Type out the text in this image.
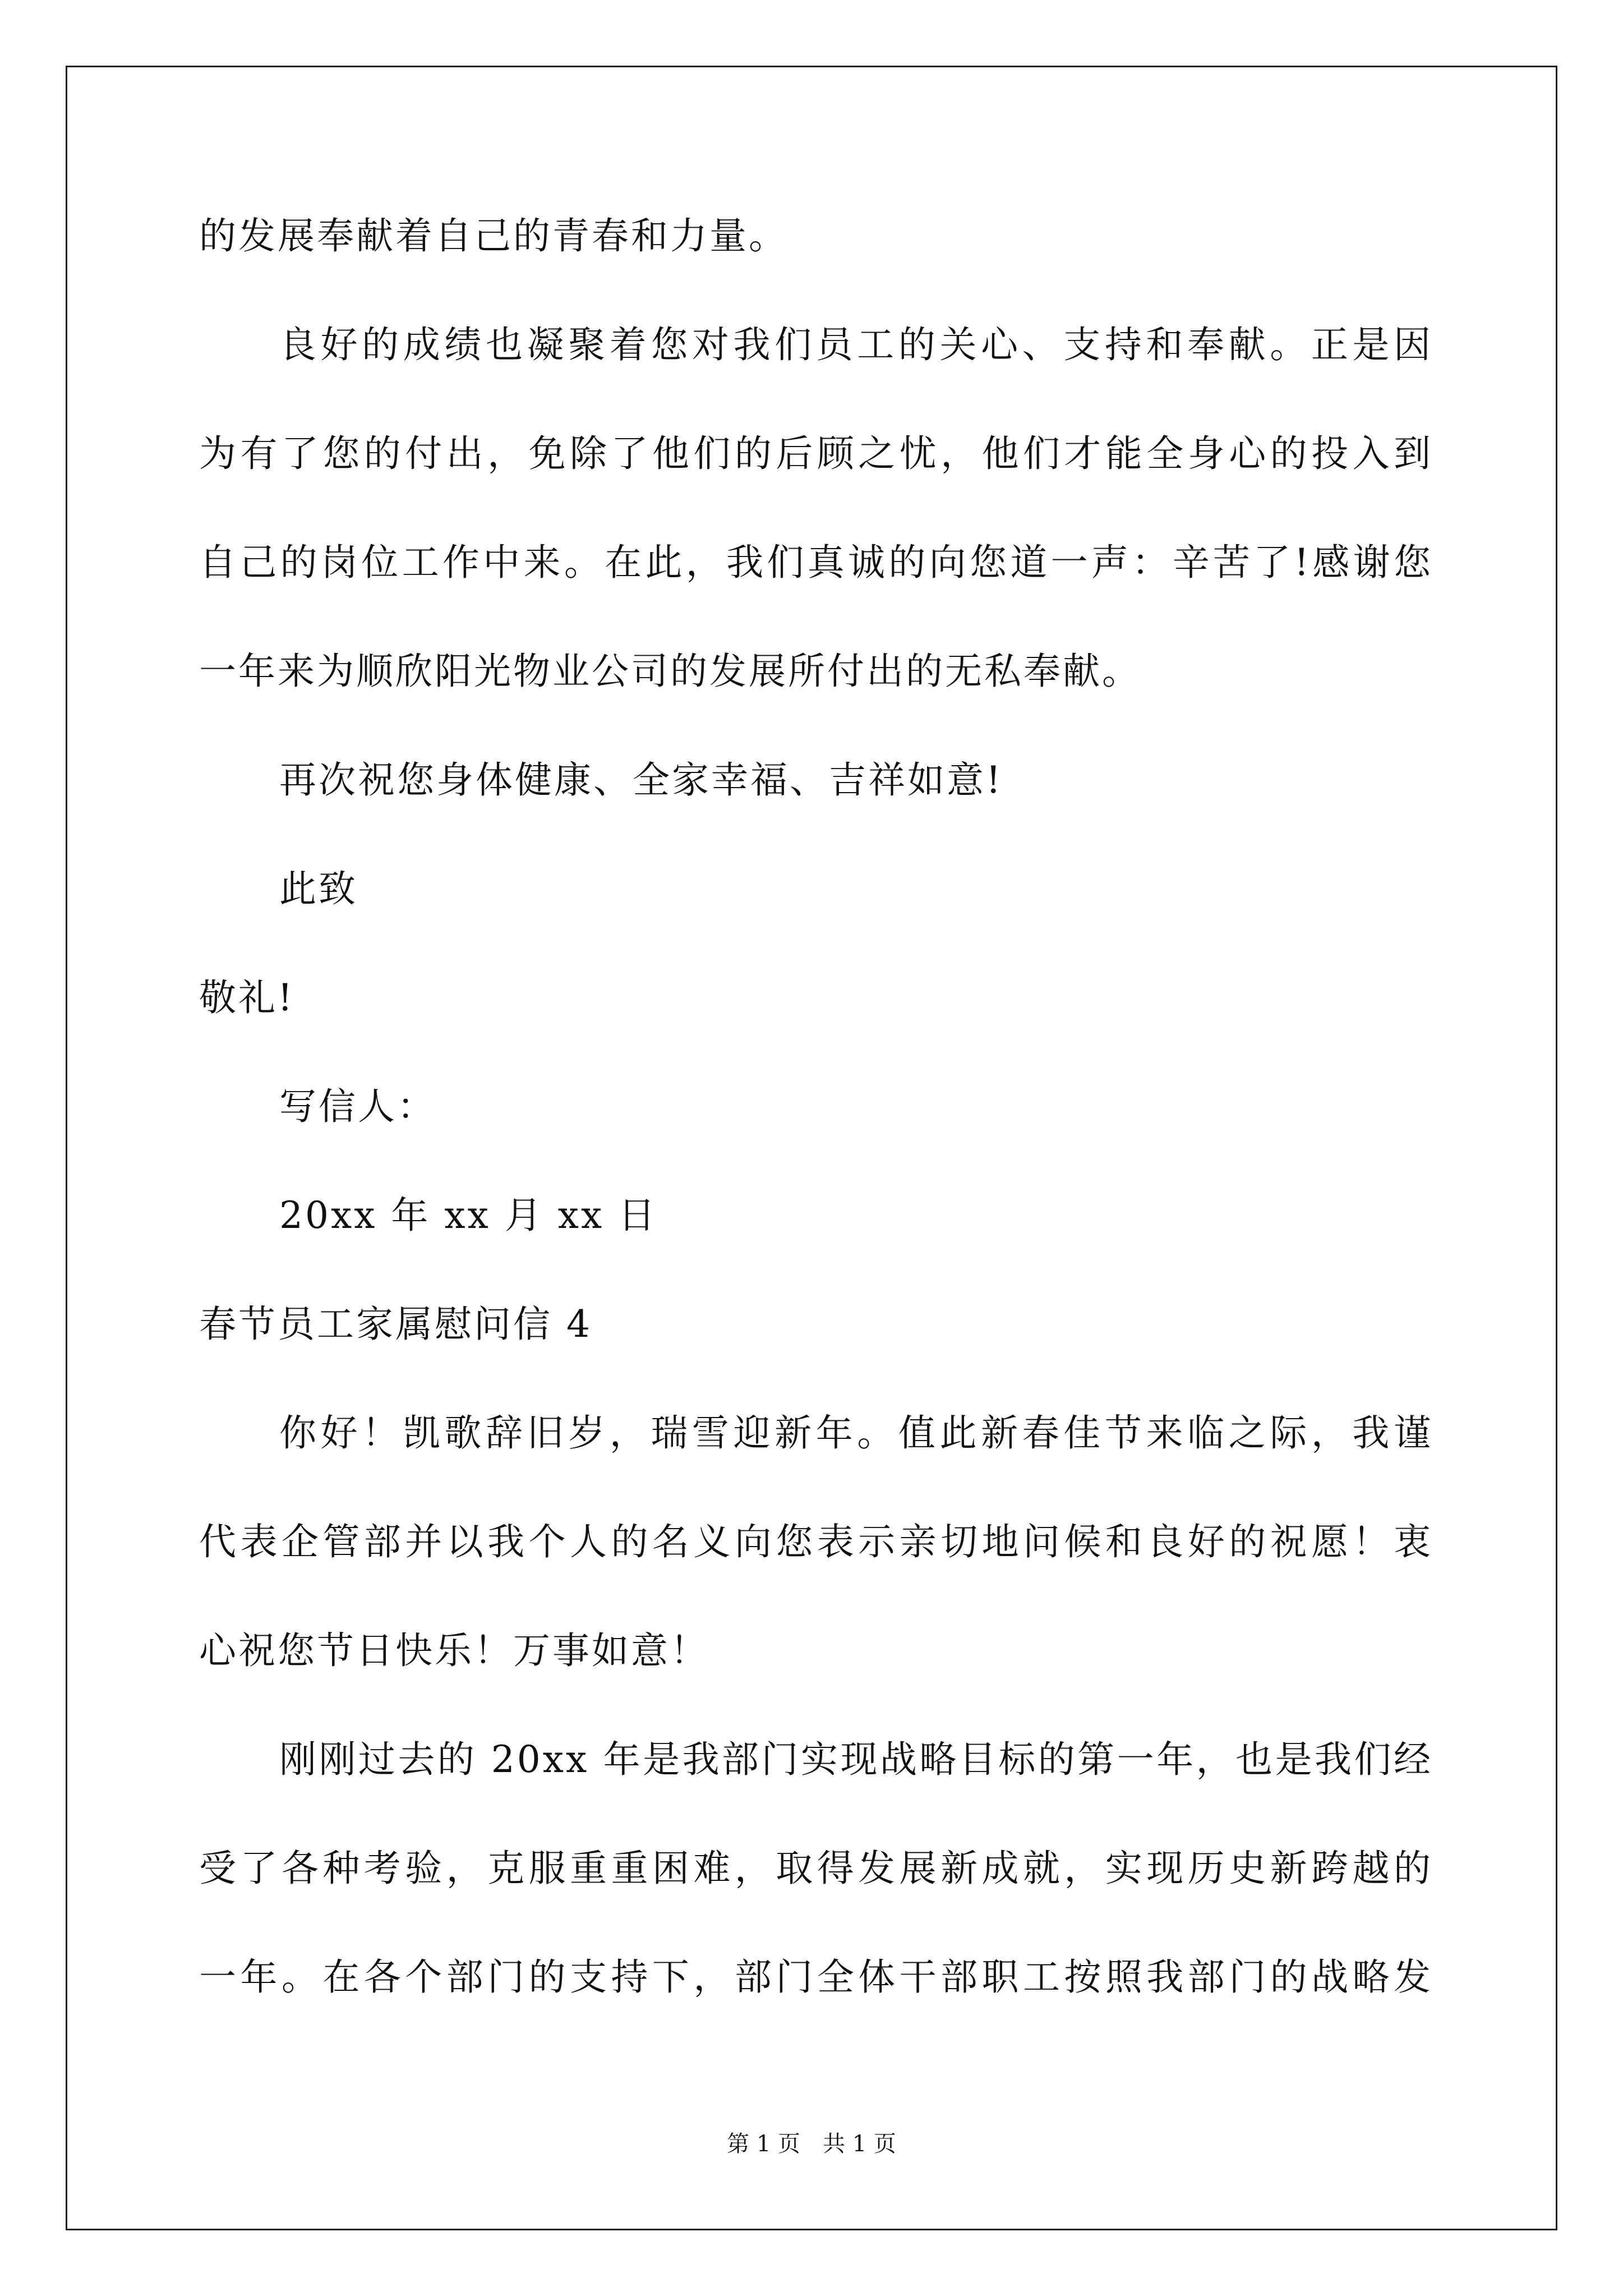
的发展奉献着自己的青春和力量。
良好的成绩也凝聚着您对我们员工的关心、支持和奉献。正是因
为有了您的付出，免除了他们的后顾之忧，他们才能全身心的投入到
自己的岗位工作中来。在此，我们真诚的向您道一声：辛苦了!感谢您
一年来为顺欣阳光物业公司的发展所付出的无私奉献。
再次祝您身体健康、全家幸福、吉祥如意!
此致
敬礼!
写信人：
20xx 年 xx 月 xx 日
春节员工家属慰问信 4
你好！凯歌辞旧岁，瑞雪迎新年。值此新春佳节来临之际，我谨
代表企管部并以我个人的名义向您表示亲切地问候和良好的祝愿！衷
心祝您节日快乐！万事如意！
刚刚过去的 20xx 年是我部门实现战略目标的第一年，也是我们经
受了各种考验，克服重重困难，取得发展新成就，实现历史新跨越的
一年。在各个部门的支持下，部门全体干部职工按照我部门的战略发
第 1 页　共 1 页
